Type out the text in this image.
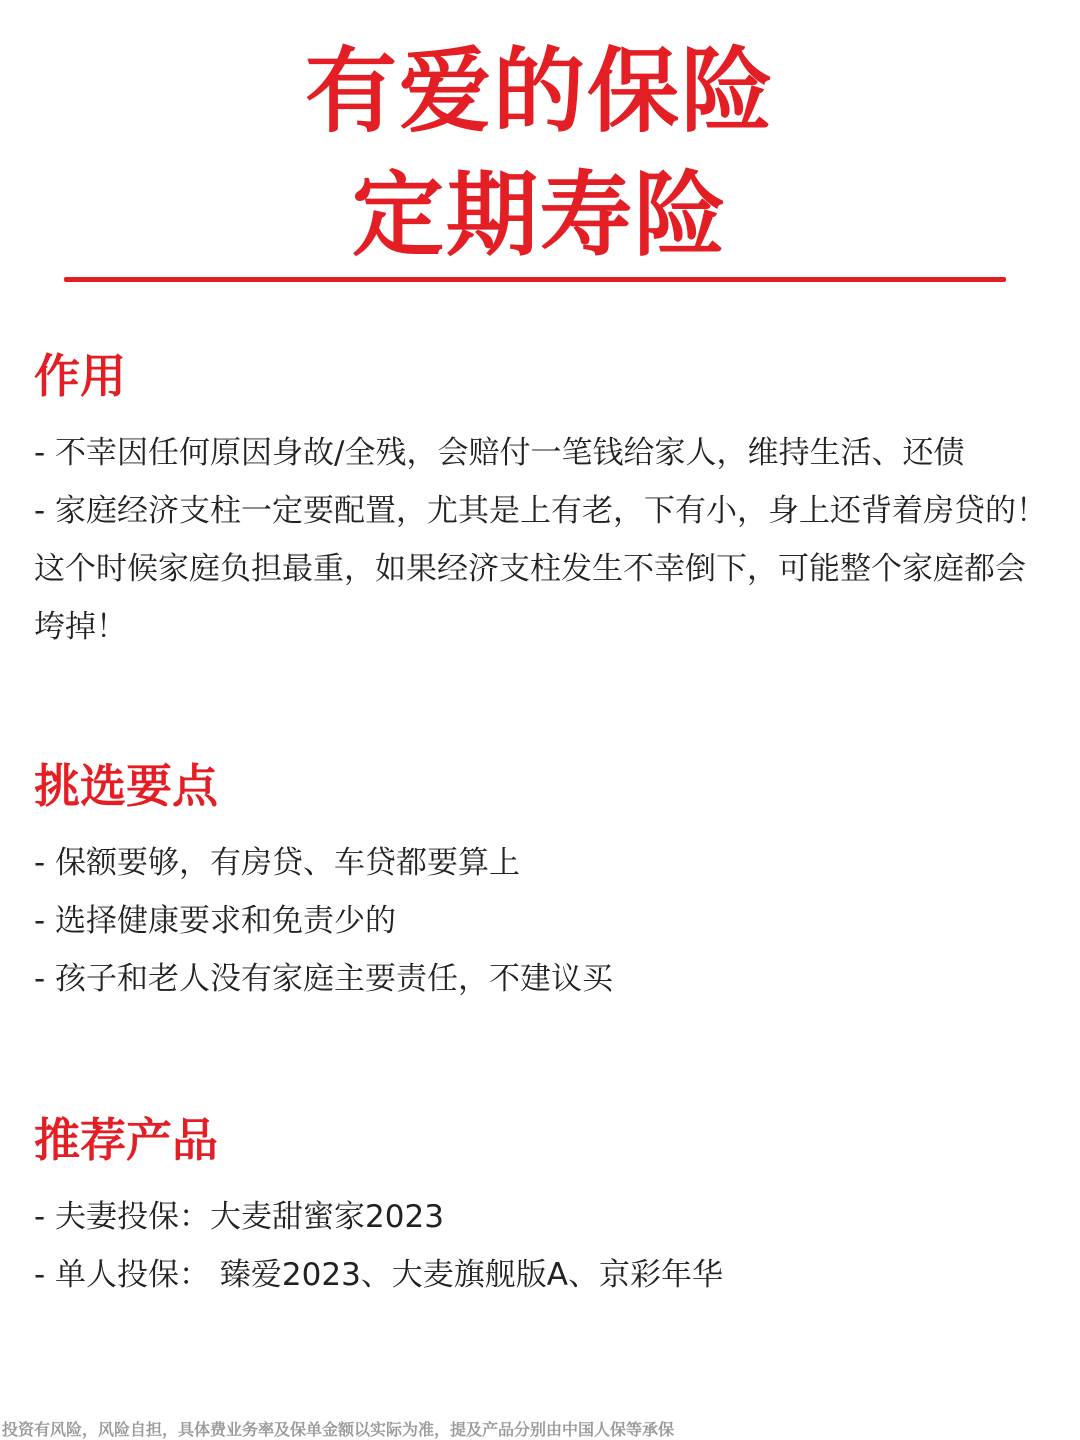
有爱的保险
定期寿险
作用

- 不幸因任何原因身故/全残，会赔付一笔钱给家人，维持生活、还债

- 家庭经济支柱一定要配置，尤其是上有老，下有小，身上还背着房贷的！这个时候家庭负担最重，如果经济支柱发生不幸倒下，可能整个家庭都会垮掉！

挑选要点

- 保额要够，有房贷、车贷都要算上

- 选择健康要求和免责少的

- 孩子和老人没有家庭主要责任，不建议买

推荐产品

- 夫妻投保：大麦甜蜜家2023

- 单人投保： 臻爱2023、大麦旗舰版A、京彩年华

投资有风险，风险自担，具体费业务率及保单金额以实际为准，提及产品分别由中国人保等承保
